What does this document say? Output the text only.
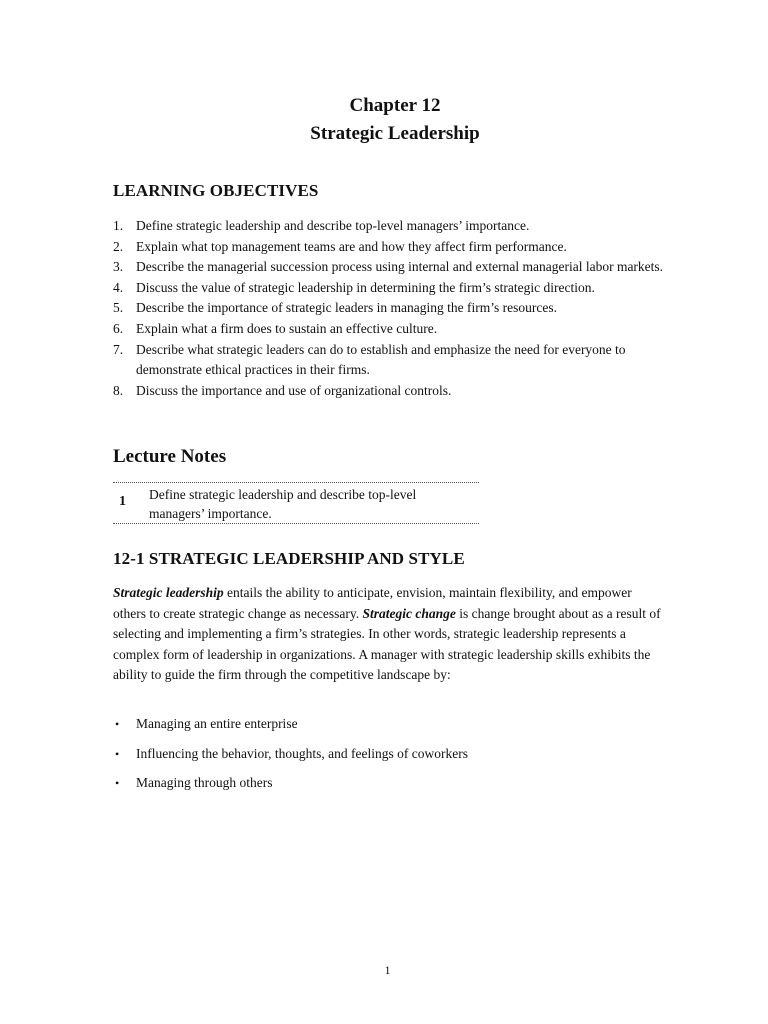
Chapter 12
Strategic Leadership
LEARNING OBJECTIVES
1. Define strategic leadership and describe top-level managers’ importance.
2. Explain what top management teams are and how they affect firm performance.
3. Describe the managerial succession process using internal and external managerial labor markets.
4. Discuss the value of strategic leadership in determining the firm’s strategic direction.
5. Describe the importance of strategic leaders in managing the firm’s resources.
6. Explain what a firm does to sustain an effective culture.
7. Describe what strategic leaders can do to establish and emphasize the need for everyone to demonstrate ethical practices in their firms.
8. Discuss the importance and use of organizational controls.
Lecture Notes
1 Define strategic leadership and describe top-level managers’ importance.
12-1 STRATEGIC LEADERSHIP AND STYLE

Strategic leadership entails the ability to anticipate, envision, maintain flexibility, and empower others to create strategic change as necessary. Strategic change is change brought about as a result of selecting and implementing a firm’s strategies. In other words, strategic leadership represents a complex form of leadership in organizations. A manager with strategic leadership skills exhibits the ability to guide the firm through the competitive landscape by:

• Managing an entire enterprise
• Influencing the behavior, thoughts, and feelings of coworkers
• Managing through others
1
